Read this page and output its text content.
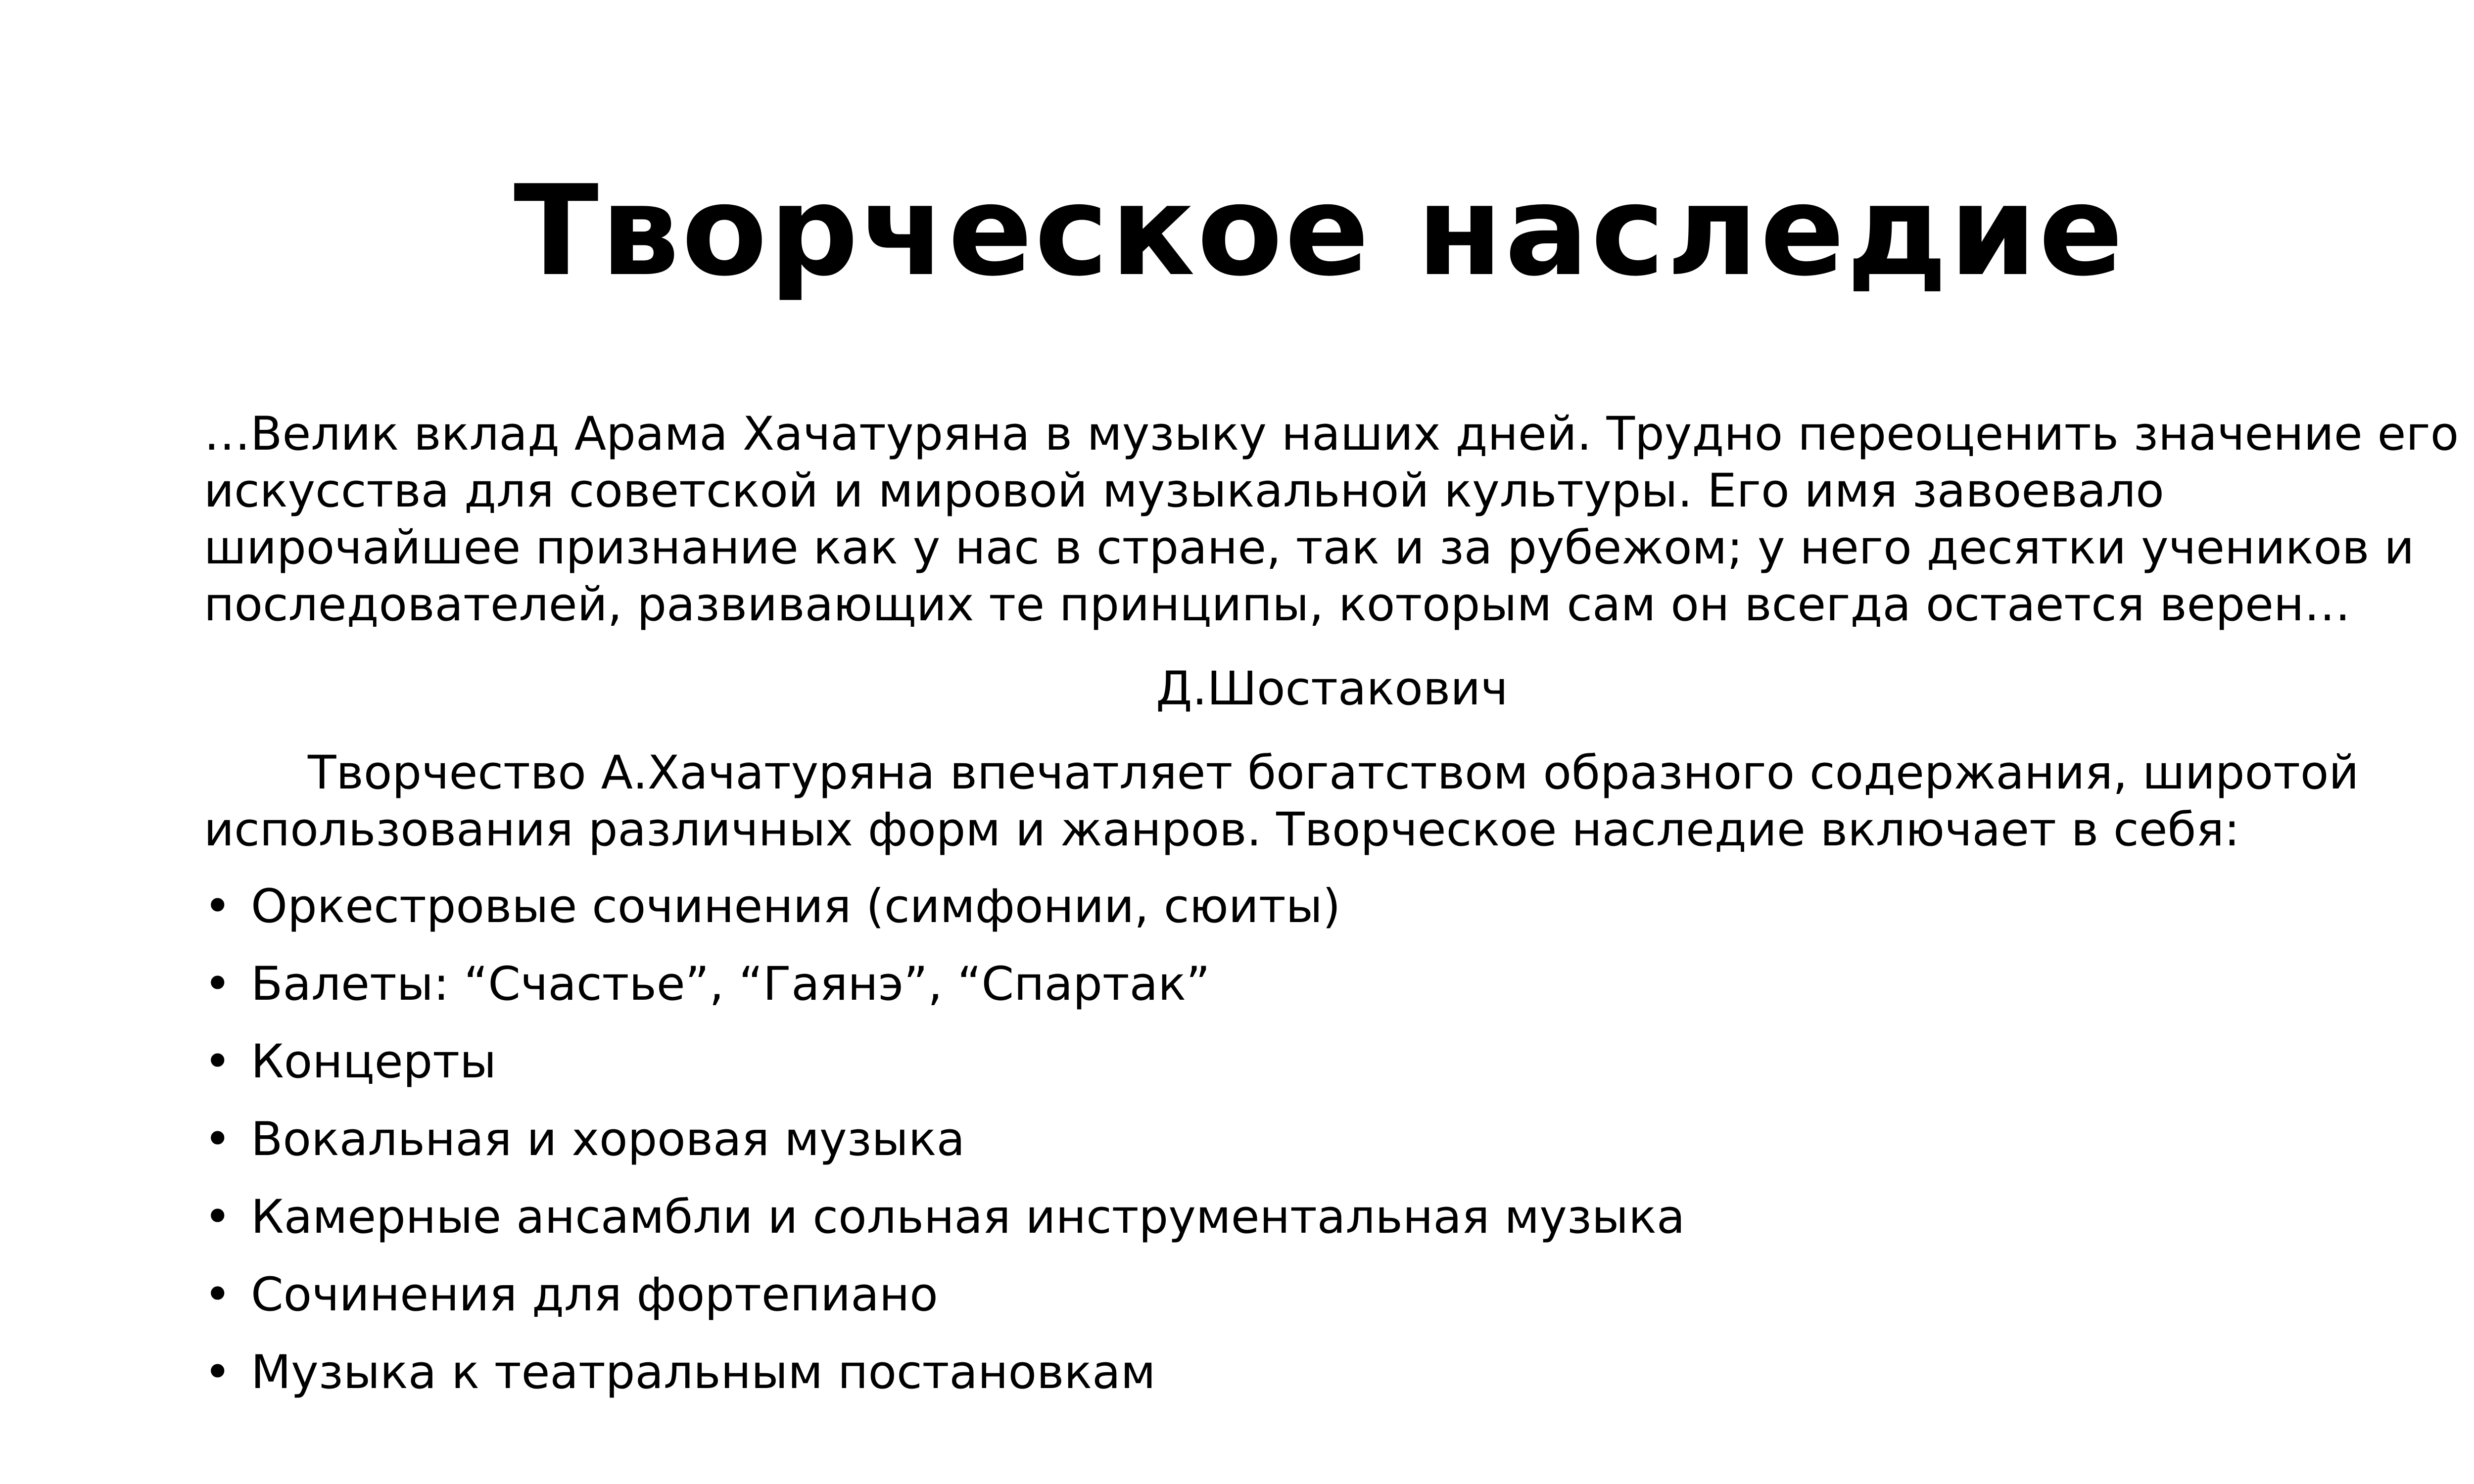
Творческое наследие

…Велик вклад Арама Хачатуряна в музыку наших дней. Трудно переоценить значение его искусства для советской и мировой музыкальной культуры. Его имя завоевало широчайшее признание как у нас в стране, так и за рубежом; у него десятки учеников и последователей, развивающих те принципы, которым сам он всегда остается верен…

Д.Шостакович

Творчество А.Хачатуряна впечатляет богатством образного содержания, широтой использования различных форм и жанров. Творческое наследие включает в себя:

• Оркестровые сочинения (симфонии, сюиты)
• Балеты: “Счастье”, “Гаянэ”, “Спартак”
• Концерты
• Вокальная и хоровая музыка
• Камерные ансамбли и сольная инструментальная музыка
• Сочинения для фортепиано
• Музыка к театральным постановкам
